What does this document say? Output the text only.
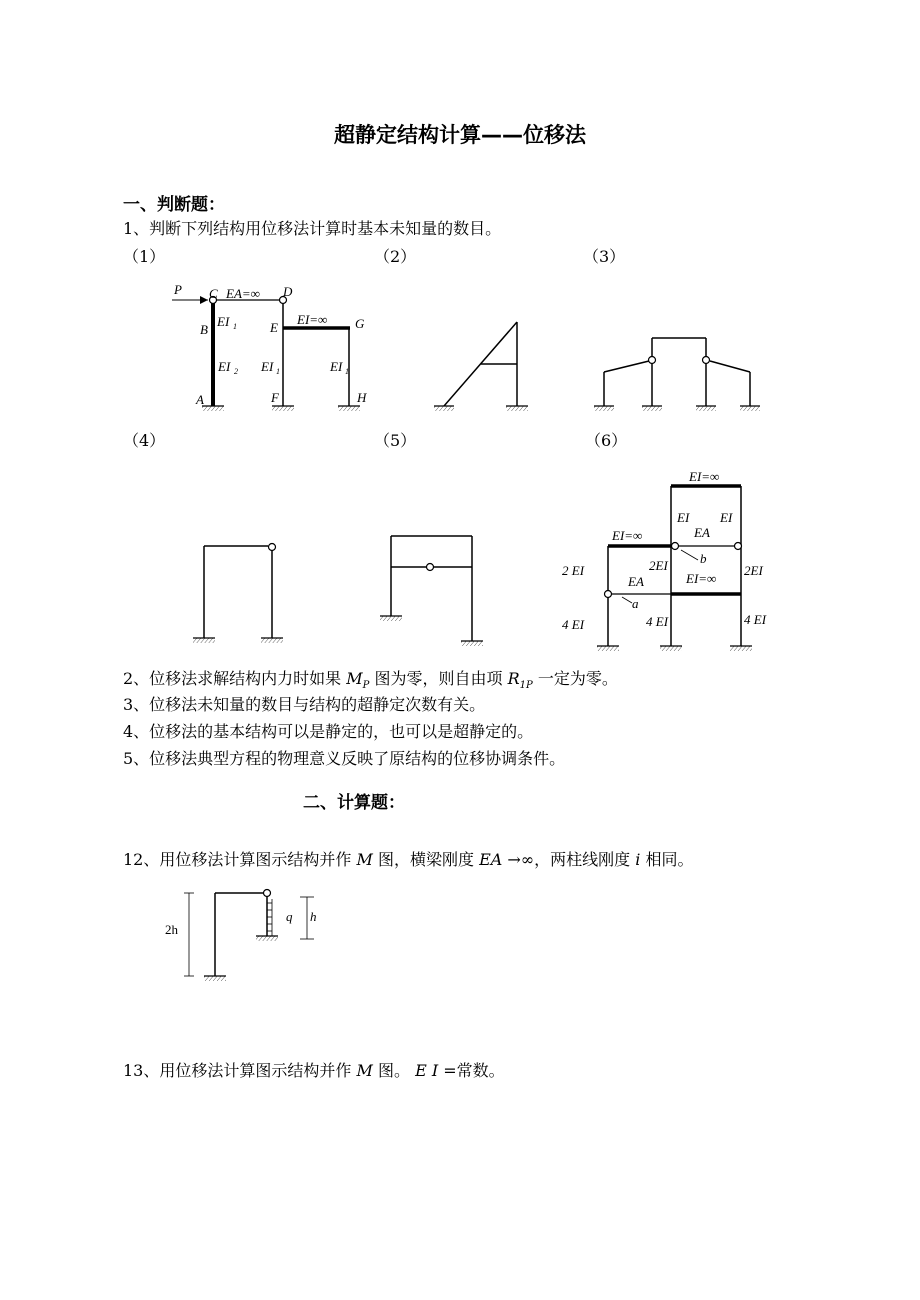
超静定结构计算——位移法
一、判断题：
1、判断下列结构用位移法计算时基本未知量的数目。
（1）	（2）	（3）
（4）	（5）	（6）
2、位移法求解结构内力时如果 $M_P$ 图为零，则自由项 $R_{1P}$ 一定为零。
3、位移法未知量的数目与结构的超静定次数有关。
4、位移法的基本结构可以是静定的，也可以是超静定的。
5、位移法典型方程的物理意义反映了原结构的位移协调条件。
二、计算题：
12、用位移法计算图示结构并作 M 图，横梁刚度 EA →∞，两柱线刚度 i 相同。
13、用位移法计算图示结构并作 M 图。 E I =常数。
P C EA=∞ D
B
EI 1	E
EI=∞ G
EI 2 EI 1	EI 1
A	F	H
EI=∞
EI EI
EA
EI=∞
2EI b
2 EI
EA	EI=∞
2EI
a
4 EI	4 EI	4 EI
2h
q h
